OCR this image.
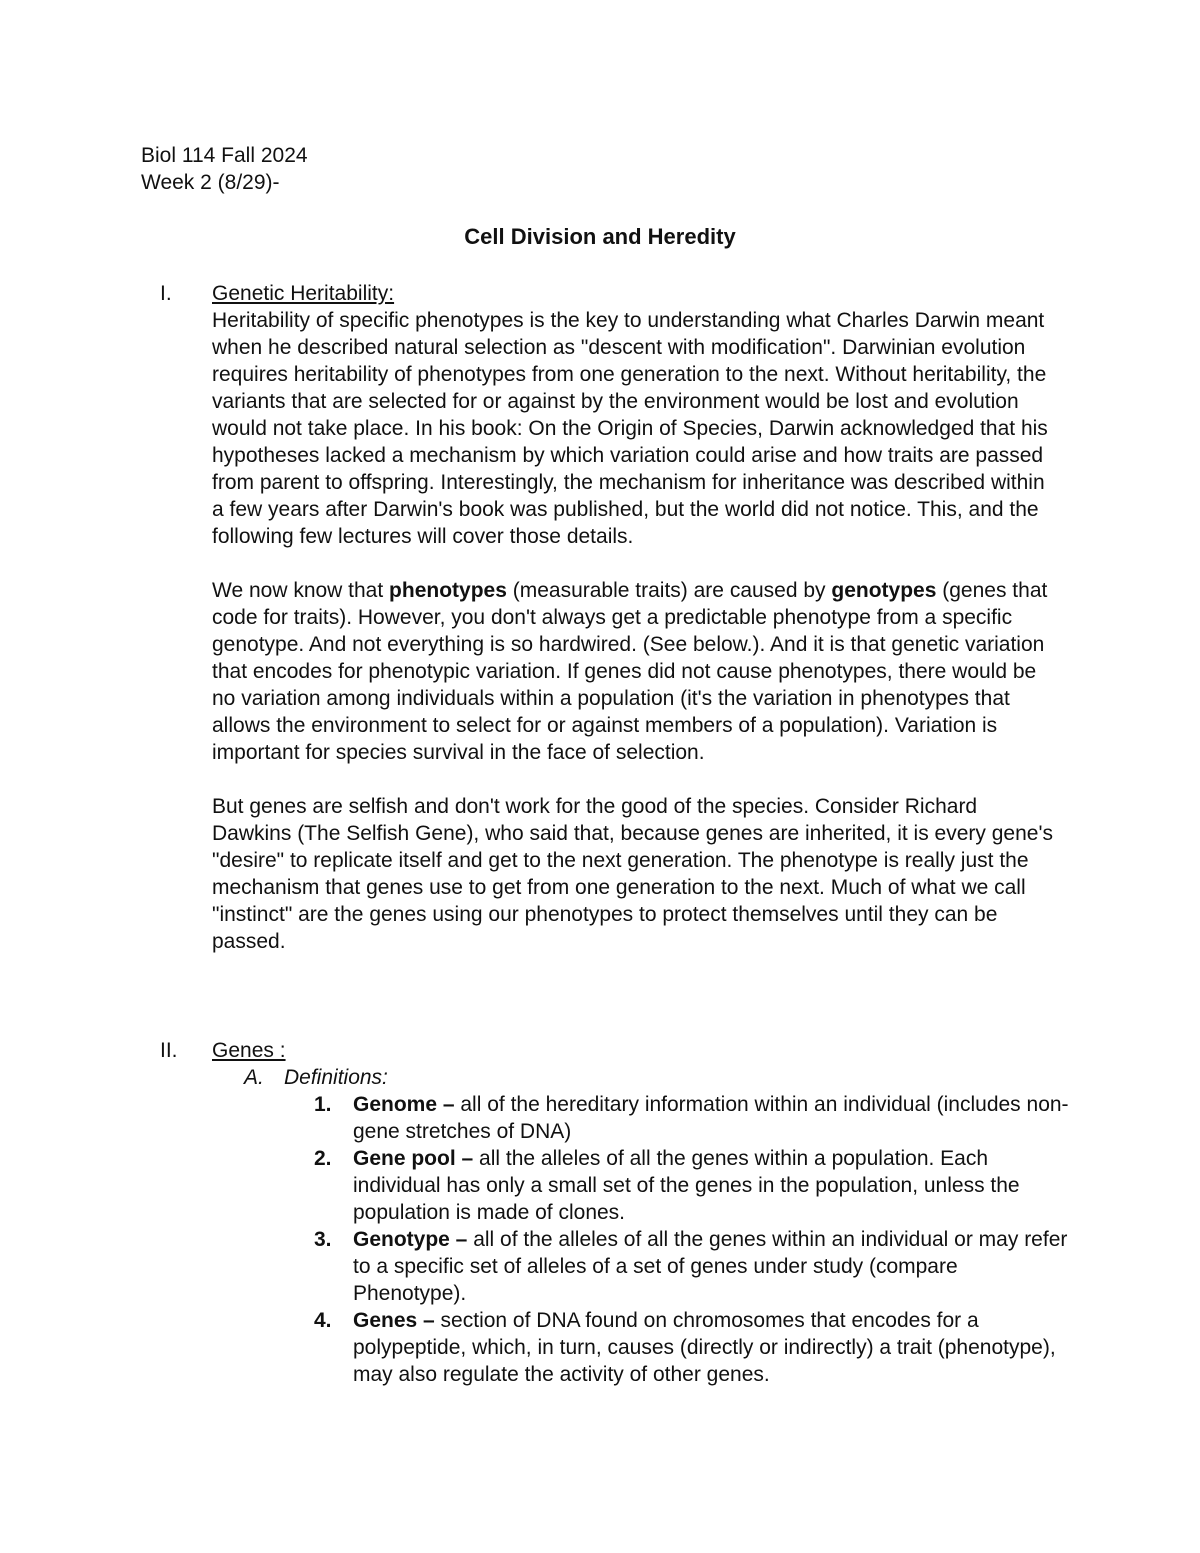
Biol 114 Fall 2024
Week 2 (8/29)-
Cell Division and Heredity
I. Genetic Heritability:

Heritability of specific phenotypes is the key to understanding what Charles Darwin meant when he described natural selection as "descent with modification". Darwinian evolution requires heritability of phenotypes from one generation to the next. Without heritability, the variants that are selected for or against by the environment would be lost and evolution would not take place. In his book: On the Origin of Species, Darwin acknowledged that his hypotheses lacked a mechanism by which variation could arise and how traits are passed from parent to offspring. Interestingly, the mechanism for inheritance was described within a few years after Darwin's book was published, but the world did not notice. This, and the following few lectures will cover those details.

We now know that phenotypes (measurable traits) are caused by genotypes (genes that code for traits). However, you don't always get a predictable phenotype from a specific genotype. And not everything is so hardwired. (See below.). And it is that genetic variation that encodes for phenotypic variation. If genes did not cause phenotypes, there would be no variation among individuals within a population (it's the variation in phenotypes that allows the environment to select for or against members of a population). Variation is important for species survival in the face of selection.

But genes are selfish and don't work for the good of the species. Consider Richard Dawkins (The Selfish Gene), who said that, because genes are inherited, it is every gene's "desire" to replicate itself and get to the next generation. The phenotype is really just the mechanism that genes use to get from one generation to the next. Much of what we call "instinct" are the genes using our phenotypes to protect themselves until they can be passed.

II. Genes :
A. Definitions:
1. Genome – all of the hereditary information within an individual (includes non-gene stretches of DNA)
2. Gene pool – all the alleles of all the genes within a population. Each individual has only a small set of the genes in the population, unless the population is made of clones.
3. Genotype – all of the alleles of all the genes within an individual or may refer to a specific set of alleles of a set of genes under study (compare Phenotype).
4. Genes – section of DNA found on chromosomes that encodes for a polypeptide, which, in turn, causes (directly or indirectly) a trait (phenotype), may also regulate the activity of other genes.
